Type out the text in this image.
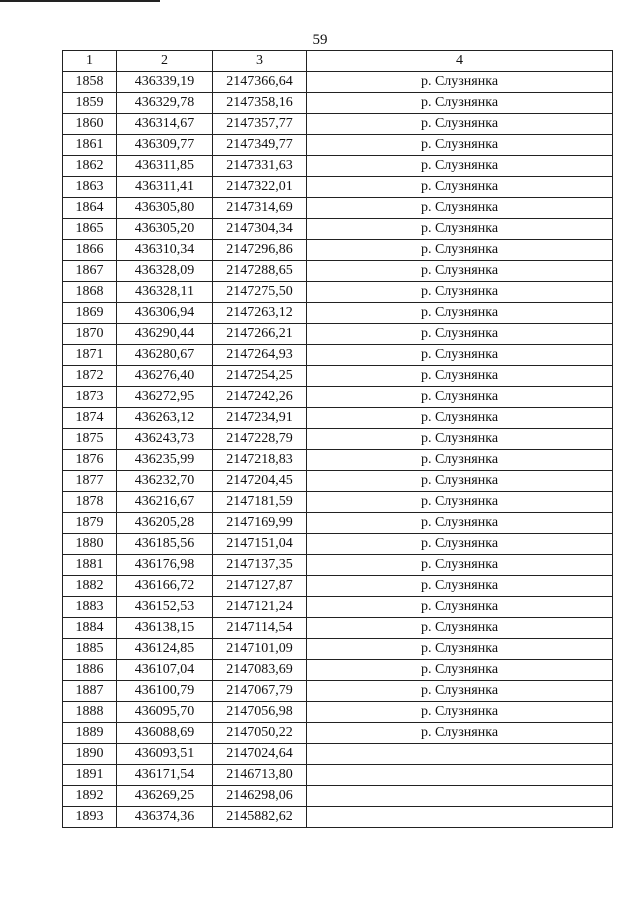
59
1	2	3	4
1858	436339,19	2147366,64	р. Слузнянка
1859	436329,78	2147358,16	р. Слузнянка
1860	436314,67	2147357,77	р. Слузнянка
1861	436309,77	2147349,77	р. Слузнянка
1862	436311,85	2147331,63	р. Слузнянка
1863	436311,41	2147322,01	р. Слузнянка
1864	436305,80	2147314,69	р. Слузнянка
1865	436305,20	2147304,34	р. Слузнянка
1866	436310,34	2147296,86	р. Слузнянка
1867	436328,09	2147288,65	р. Слузнянка
1868	436328,11	2147275,50	р. Слузнянка
1869	436306,94	2147263,12	р. Слузнянка
1870	436290,44	2147266,21	р. Слузнянка
1871	436280,67	2147264,93	р. Слузнянка
1872	436276,40	2147254,25	р. Слузнянка
1873	436272,95	2147242,26	р. Слузнянка
1874	436263,12	2147234,91	р. Слузнянка
1875	436243,73	2147228,79	р. Слузнянка
1876	436235,99	2147218,83	р. Слузнянка
1877	436232,70	2147204,45	р. Слузнянка
1878	436216,67	2147181,59	р. Слузнянка
1879	436205,28	2147169,99	р. Слузнянка
1880	436185,56	2147151,04	р. Слузнянка
1881	436176,98	2147137,35	р. Слузнянка
1882	436166,72	2147127,87	р. Слузнянка
1883	436152,53	2147121,24	р. Слузнянка
1884	436138,15	2147114,54	р. Слузнянка
1885	436124,85	2147101,09	р. Слузнянка
1886	436107,04	2147083,69	р. Слузнянка
1887	436100,79	2147067,79	р. Слузнянка
1888	436095,70	2147056,98	р. Слузнянка
1889	436088,69	2147050,22	р. Слузнянка
1890	436093,51	2147024,64	
1891	436171,54	2146713,80	
1892	436269,25	2146298,06	
1893	436374,36	2145882,62	
